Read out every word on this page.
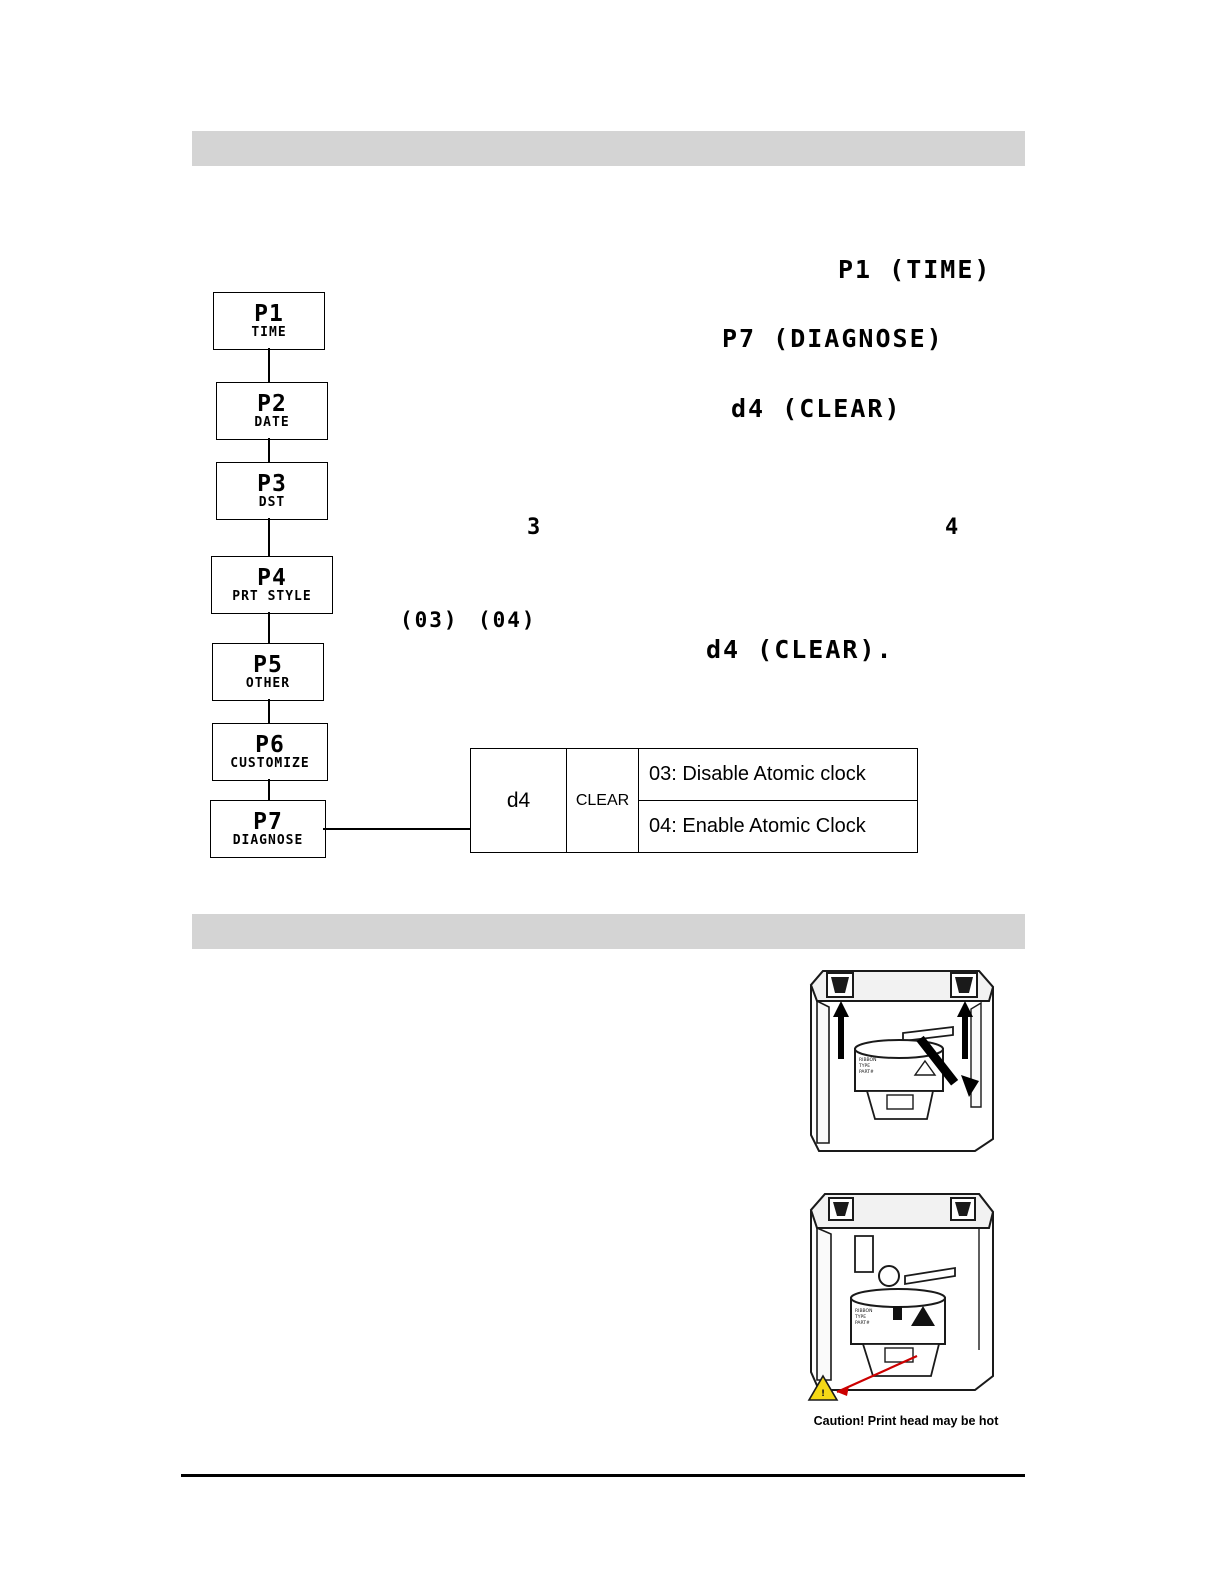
P1
TIME
P2
DATE
P3
DST
P4
PRT STYLE
P5
OTHER
P6
CUSTOMIZE
P7
DIAGNOSE
P1 (TIME)
P7 (DIAGNOSE)
d4 (CLEAR)
3	4
(03) (04)
d4 (CLEAR).
d4	CLEAR
03: Disable Atomic clock
04: Enable Atomic Clock
RIBBON
TYPE
PART#
RIBBON
TYPE
PART#
!
Caution! Print head may be hot
